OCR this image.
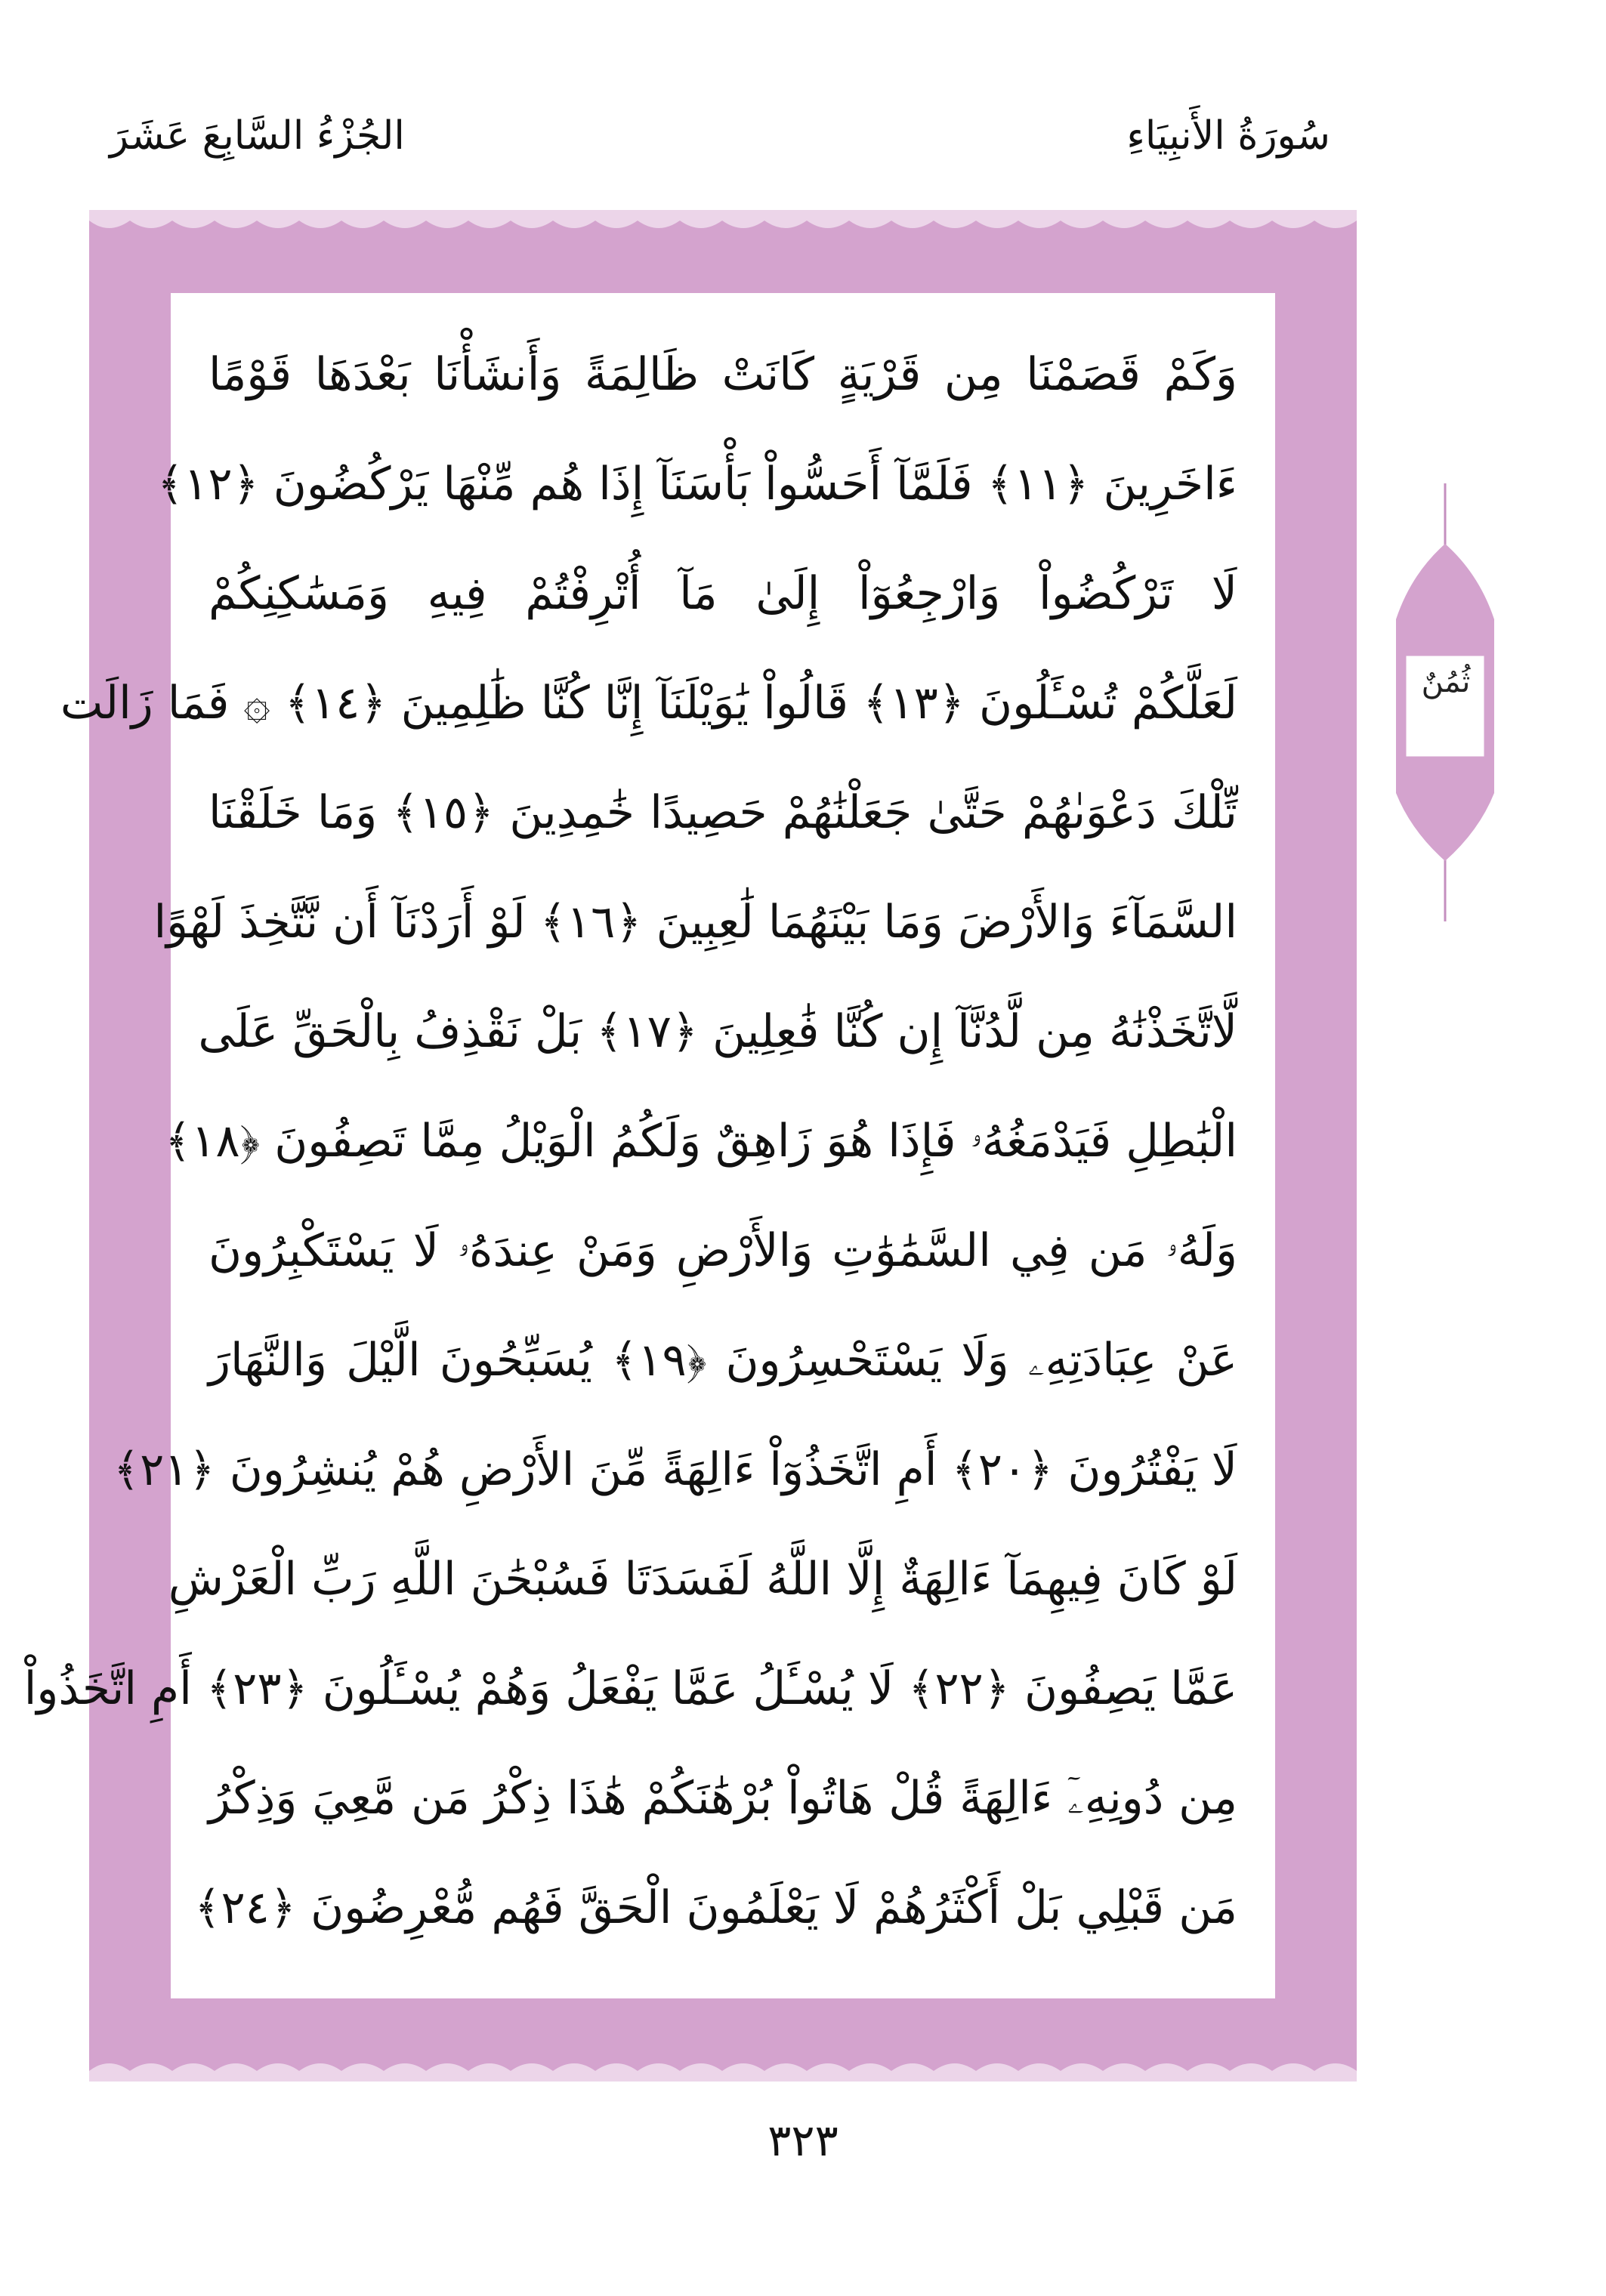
سُورَةُ الأَنبِيَاءِ
الجُزْءُ السَّابِعَ عَشَرَ
وَكَمْ قَصَمْنَا مِن قَرْيَةٍ كَانَتْ ظَالِمَةً وَأَنشَأْنَا بَعْدَهَا قَوْمًا
ءَاخَرِينَ ﴿١١﴾ فَلَمَّآ أَحَسُّواْ بَأْسَنَآ إِذَا هُم مِّنْهَا يَرْكُضُونَ ﴿١٢﴾
لَا تَرْكُضُواْ وَارْجِعُوٓاْ إِلَىٰ مَآ أُتْرِفْتُمْ فِيهِ وَمَسَٰكِنِكُمْ
لَعَلَّكُمْ تُسْـَٔلُونَ ﴿١٣﴾ قَالُواْ يَٰوَيْلَنَآ إِنَّا كُنَّا ظَٰلِمِينَ ﴿١٤﴾ ۞ فَمَا زَالَت
تِّلْكَ دَعْوَىٰهُمْ حَتَّىٰ جَعَلْنَٰهُمْ حَصِيدًا خَٰمِدِينَ ﴿١٥﴾ وَمَا خَلَقْنَا
السَّمَآءَ وَالأَرْضَ وَمَا بَيْنَهُمَا لَٰعِبِينَ ﴿١٦﴾ لَوْ أَرَدْنَآ أَن نَّتَّخِذَ لَهْوًا
لَّاتَّخَذْنَٰهُ مِن لَّدُنَّآ إِن كُنَّا فَٰعِلِينَ ﴿١٧﴾ بَلْ نَقْذِفُ بِالْحَقِّ عَلَى
الْبَٰطِلِ فَيَدْمَغُهُۥ فَإِذَا هُوَ زَاهِقٌ وَلَكُمُ الْوَيْلُ مِمَّا تَصِفُونَ ﴿١٨﴾
وَلَهُۥ مَن فِي السَّمَٰوَٰتِ وَالأَرْضِ وَمَنْ عِندَهُۥ لَا يَسْتَكْبِرُونَ
عَنْ عِبَادَتِهِۦ وَلَا يَسْتَحْسِرُونَ ﴿١٩﴾ يُسَبِّحُونَ الَّيْلَ وَالنَّهَارَ
لَا يَفْتُرُونَ ﴿٢٠﴾ أَمِ اتَّخَذُوٓاْ ءَالِهَةً مِّنَ الأَرْضِ هُمْ يُنشِرُونَ ﴿٢١﴾
لَوْ كَانَ فِيهِمَآ ءَالِهَةٌ إِلَّا اللَّهُ لَفَسَدَتَا فَسُبْحَٰنَ اللَّهِ رَبِّ الْعَرْشِ
عَمَّا يَصِفُونَ ﴿٢٢﴾ لَا يُسْـَٔلُ عَمَّا يَفْعَلُ وَهُمْ يُسْـَٔلُونَ ﴿٢٣﴾ أَمِ اتَّخَذُواْ
مِن دُونِهِۦٓ ءَالِهَةً قُلْ هَاتُواْ بُرْهَٰنَكُمْ هَٰذَا ذِكْرُ مَن مَّعِيَ وَذِكْرُ
مَن قَبْلِي بَلْ أَكْثَرُهُمْ لَا يَعْلَمُونَ الْحَقَّ فَهُم مُّعْرِضُونَ ﴿٢٤﴾
ثُمُنٌ
٣٢٣
